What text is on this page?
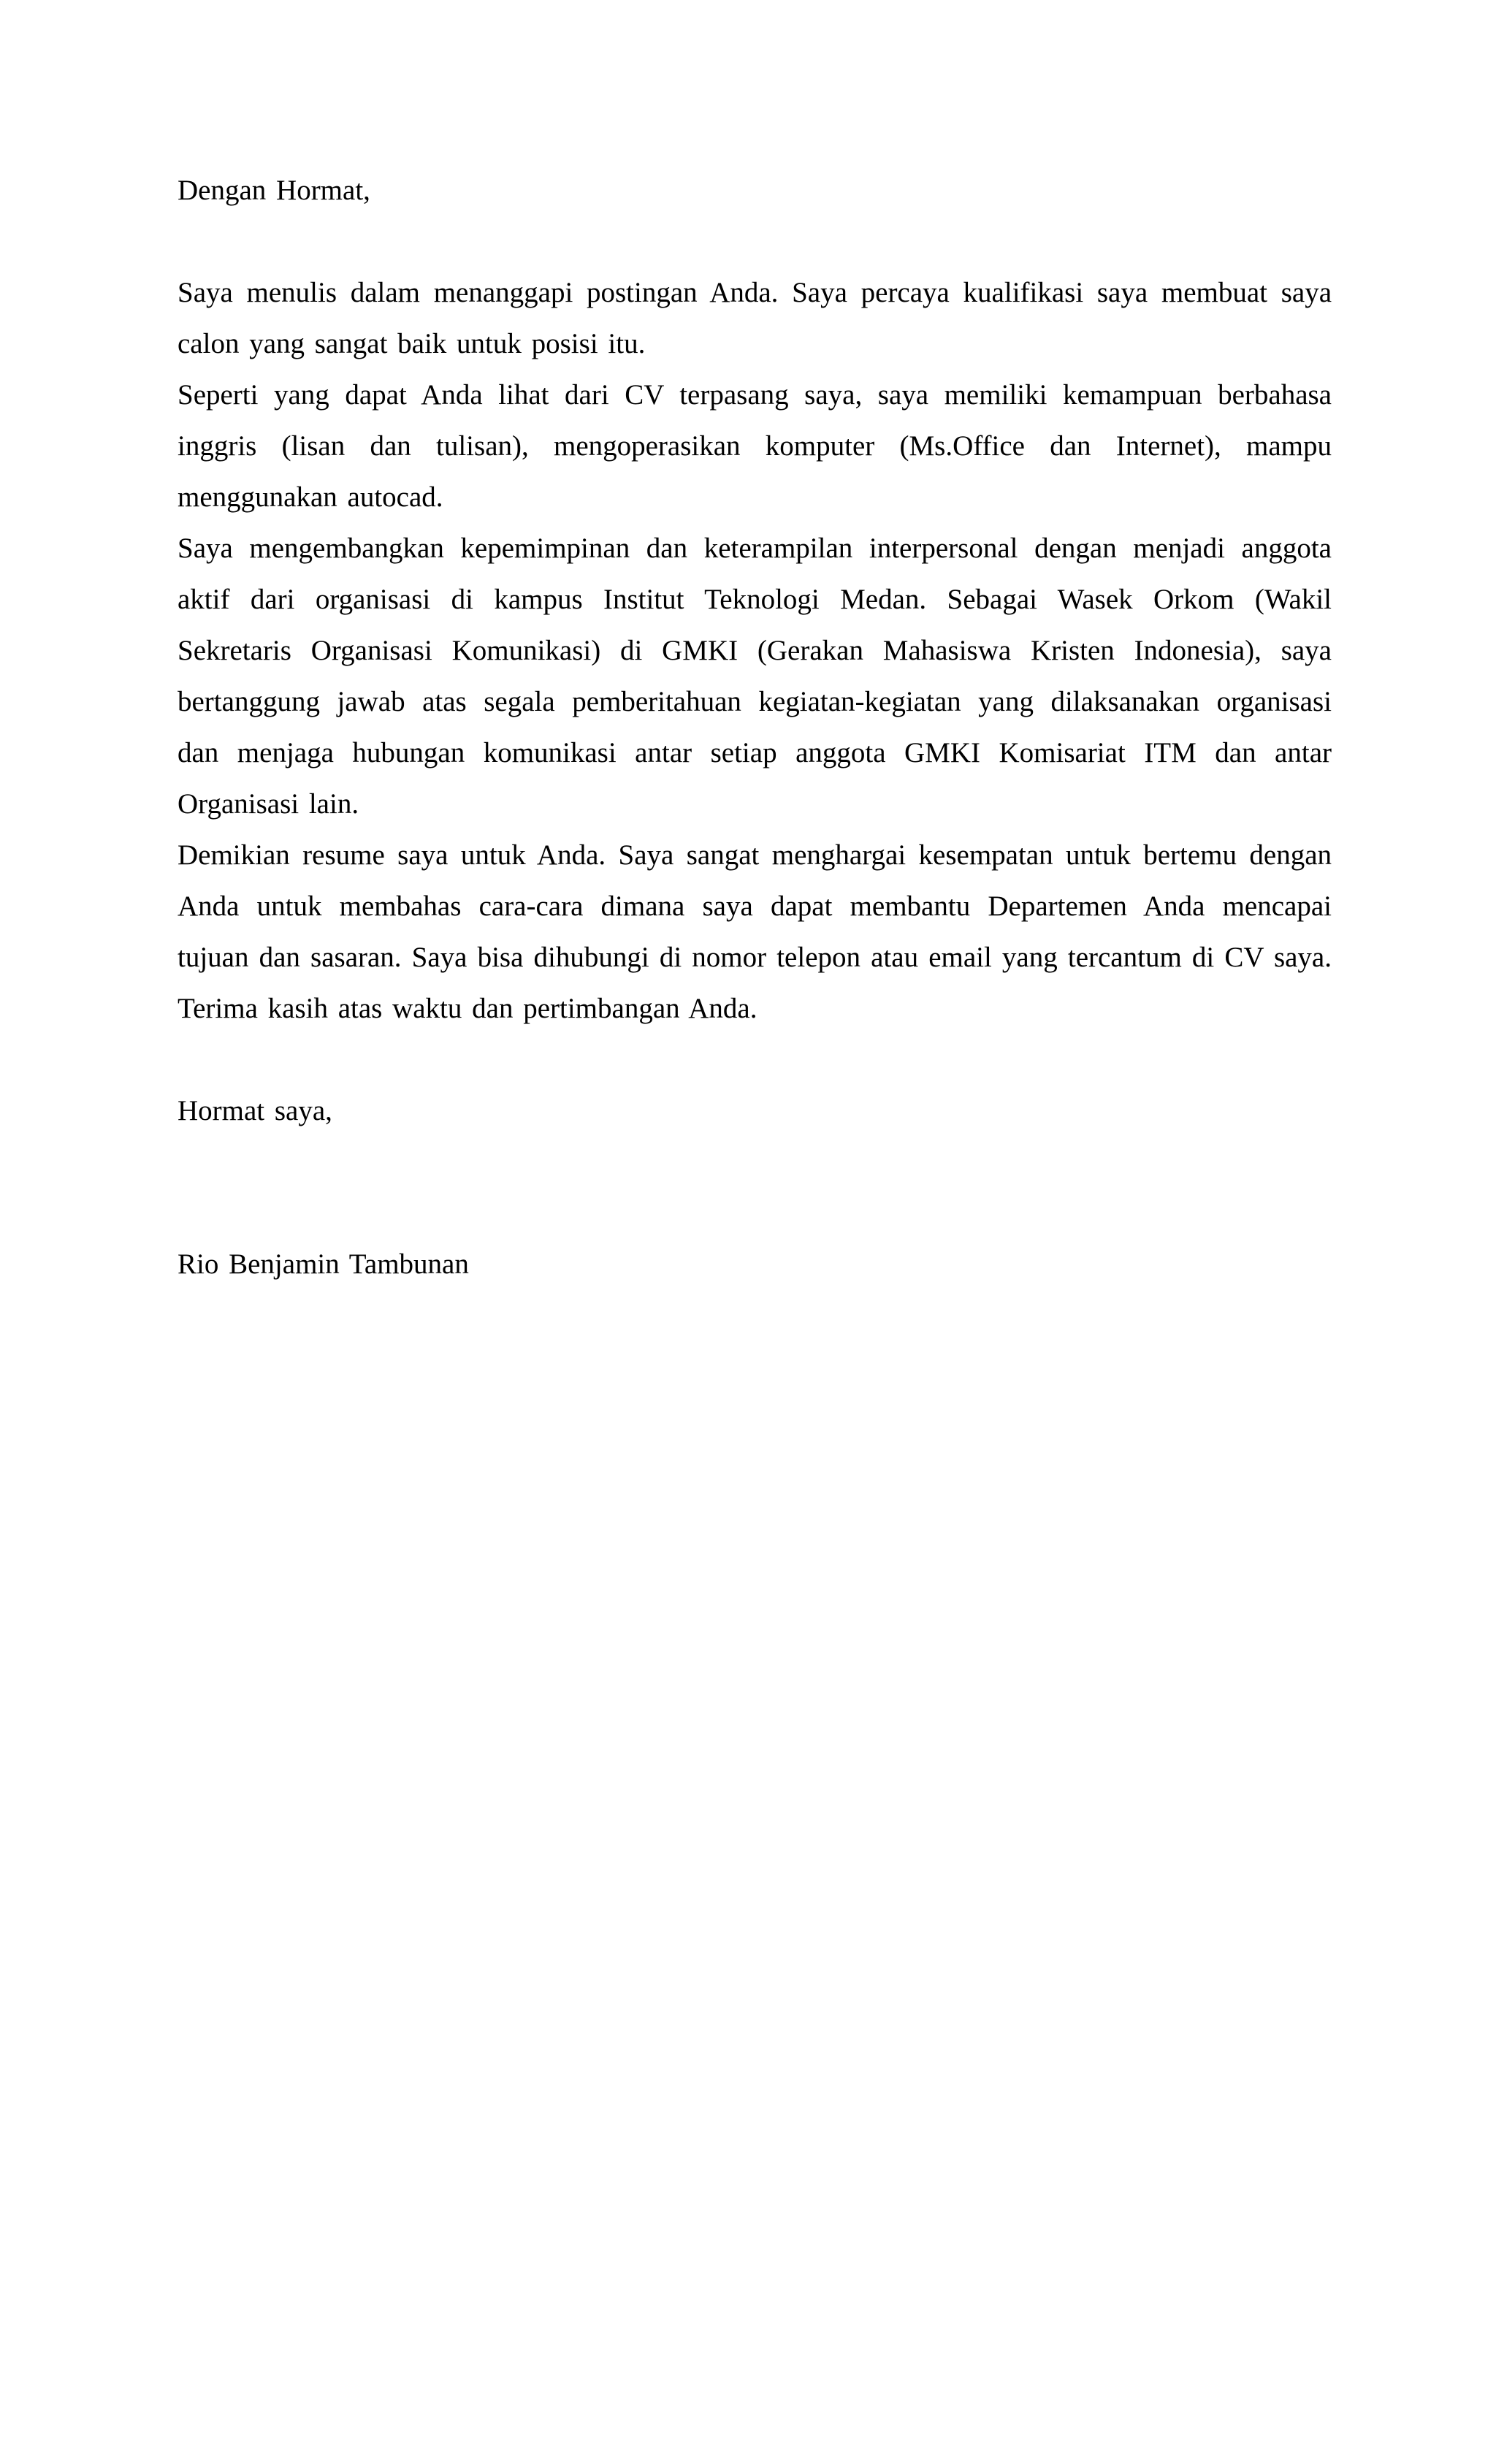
Dengan Hormat,
Saya menulis dalam menanggapi postingan Anda. Saya percaya kualifikasi saya membuat saya
calon yang sangat baik untuk posisi itu.
Seperti yang dapat Anda lihat dari CV terpasang saya, saya memiliki kemampuan berbahasa
inggris (lisan dan tulisan), mengoperasikan komputer (Ms.Office dan Internet), mampu
menggunakan autocad.
Saya mengembangkan kepemimpinan dan keterampilan interpersonal dengan menjadi anggota
aktif dari organisasi di kampus Institut Teknologi Medan. Sebagai Wasek Orkom (Wakil
Sekretaris Organisasi Komunikasi) di GMKI (Gerakan Mahasiswa Kristen Indonesia), saya
bertanggung jawab atas segala pemberitahuan kegiatan-kegiatan yang dilaksanakan organisasi
dan menjaga hubungan komunikasi antar setiap anggota GMKI Komisariat ITM dan antar
Organisasi lain.
Demikian resume saya untuk Anda. Saya sangat menghargai kesempatan untuk bertemu dengan
Anda untuk membahas cara-cara dimana saya dapat membantu Departemen Anda mencapai
tujuan dan sasaran. Saya bisa dihubungi di nomor telepon atau email yang tercantum di CV saya.
Terima kasih atas waktu dan pertimbangan Anda.
Hormat saya,
Rio Benjamin Tambunan
